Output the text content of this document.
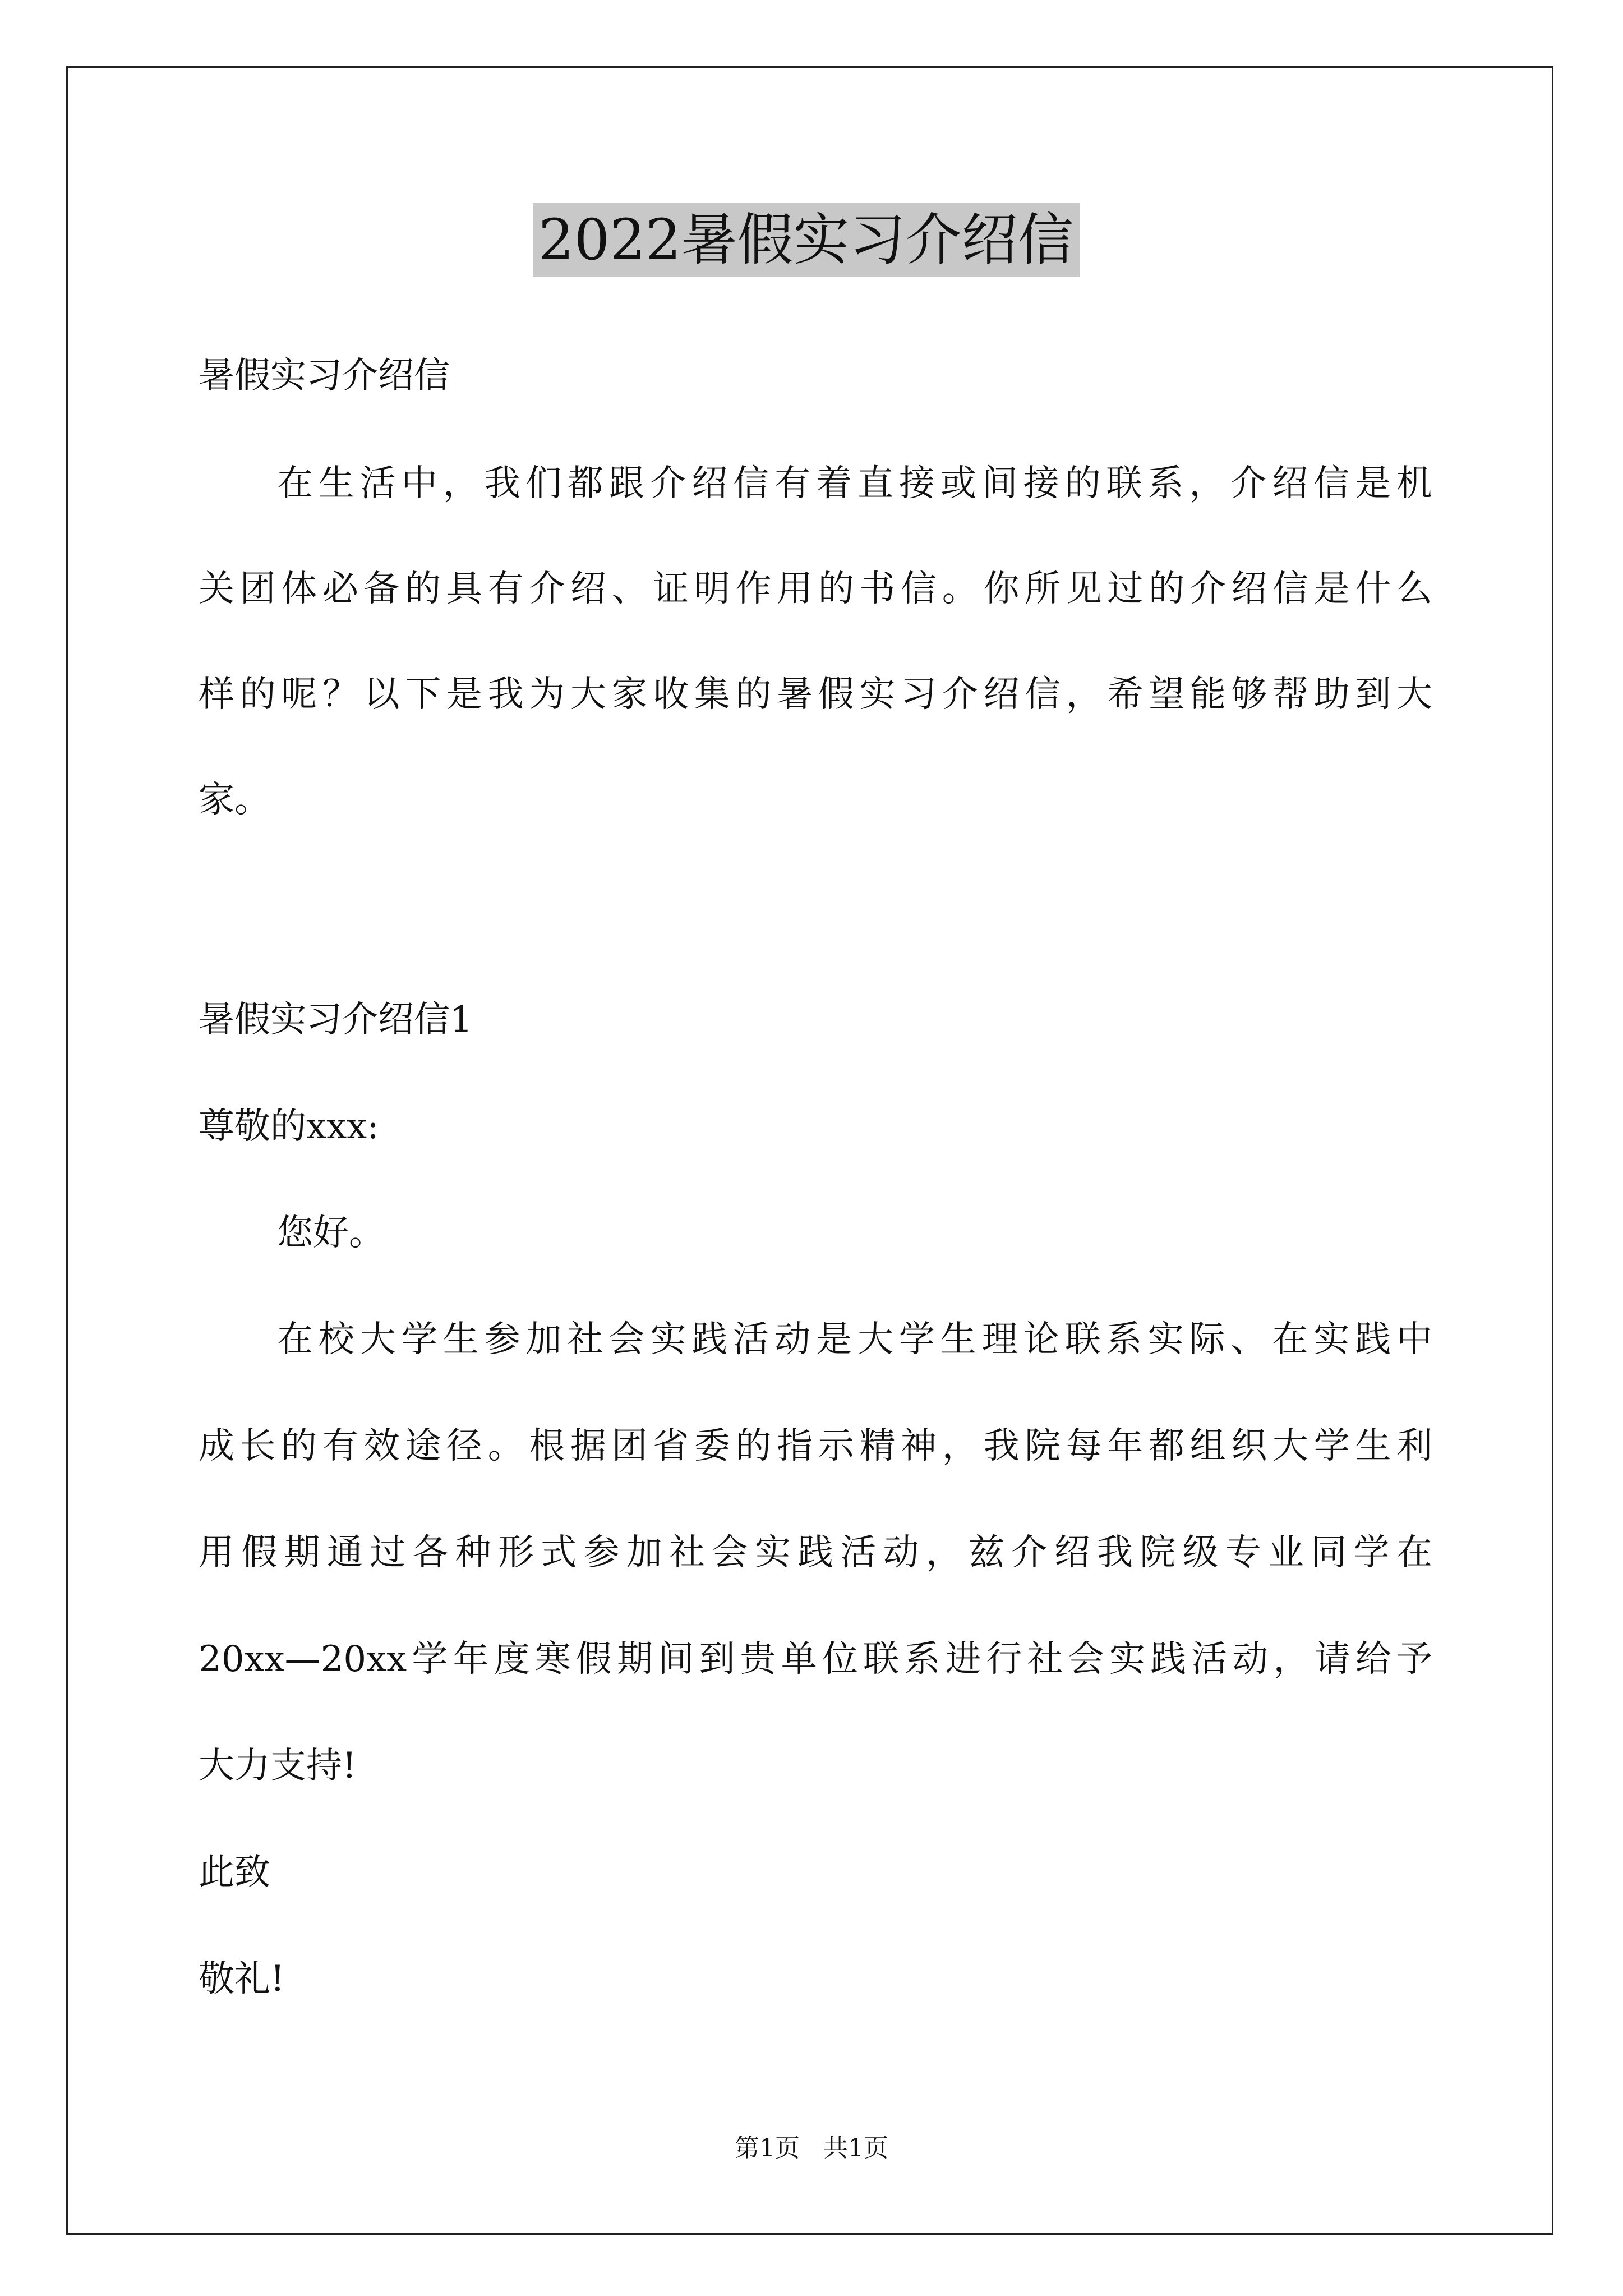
2022暑假实习介绍信
暑假实习介绍信
在生活中，我们都跟介绍信有着直接或间接的联系，介绍信是机
关团体必备的具有介绍、证明作用的书信。你所见过的介绍信是什么
样的呢？以下是我为大家收集的暑假实习介绍信，希望能够帮助到大
家。
暑假实习介绍信1
尊敬的xxx:
您好。
在校大学生参加社会实践活动是大学生理论联系实际、在实践中
成长的有效途径。根据团省委的指示精神，我院每年都组织大学生利
用假期通过各种形式参加社会实践活动，兹介绍我院级专业同学在
20xx—20xx学年度寒假期间到贵单位联系进行社会实践活动，请给予
大力支持!
此致
敬礼!
第1页   共1页
